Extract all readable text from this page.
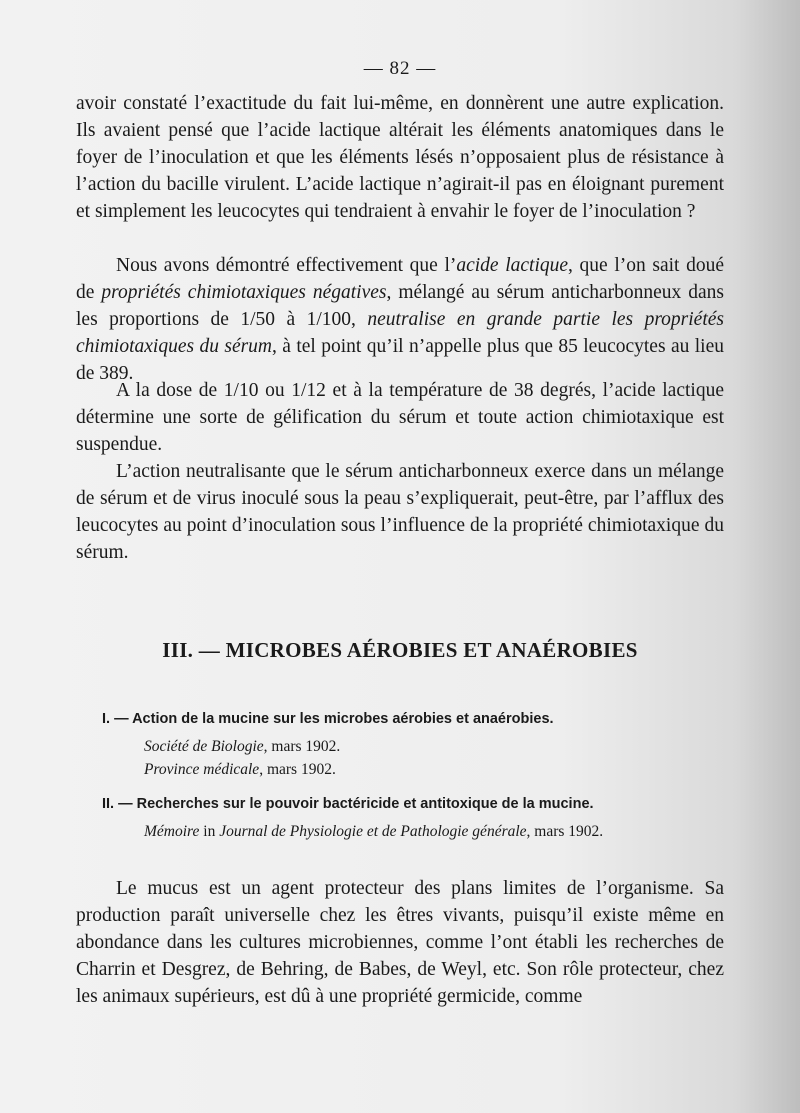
— 82 —

avoir constaté l’exactitude du fait lui-même, en donnèrent une autre explication. Ils avaient pensé que l’acide lactique altérait les éléments anatomiques dans le foyer de l’inoculation et que les éléments lésés n’opposaient plus de résistance à l’action du bacille virulent. L’acide lactique n’agirait-il pas en éloignant purement et simplement les leucocytes qui tendraient à envahir le foyer de l’inoculation ?

Nous avons démontré effectivement que l’acide lactique, que l’on sait doué de propriétés chimiotaxiques négatives, mélangé au sérum anticharbonneux dans les proportions de 1/50 à 1/100, neutralise en grande partie les propriétés chimiotaxiques du sérum, à tel point qu’il n’appelle plus que 85 leucocytes au lieu de 389.

A la dose de 1/10 ou 1/12 et à la température de 38 degrés, l’acide lactique détermine une sorte de gélification du sérum et toute action chimiotaxique est suspendue.

L’action neutralisante que le sérum anticharbonneux exerce dans un mélange de sérum et de virus inoculé sous la peau s’expliquerait, peut-être, par l’afflux des leucocytes au point d’inoculation sous l’influence de la propriété chimiotaxique du sérum.

III. — MICROBES AÉROBIES ET ANAÉROBIES
I. — Action de la mucine sur les microbes aérobies et anaérobies.
Société de Biologie, mars 1902.
Province médicale, mars 1902.
II. — Recherches sur le pouvoir bactéricide et antitoxique de la mucine.
Mémoire in Journal de Physiologie et de Pathologie générale, mars 1902.

Le mucus est un agent protecteur des plans limites de l’organisme. Sa production paraît universelle chez les êtres vivants, puisqu’il existe même en abondance dans les cultures microbiennes, comme l’ont établi les recherches de Charrin et Desgrez, de Behring, de Babes, de Weyl, etc. Son rôle protecteur, chez les animaux supérieurs, est dû à une propriété germicide, comme
